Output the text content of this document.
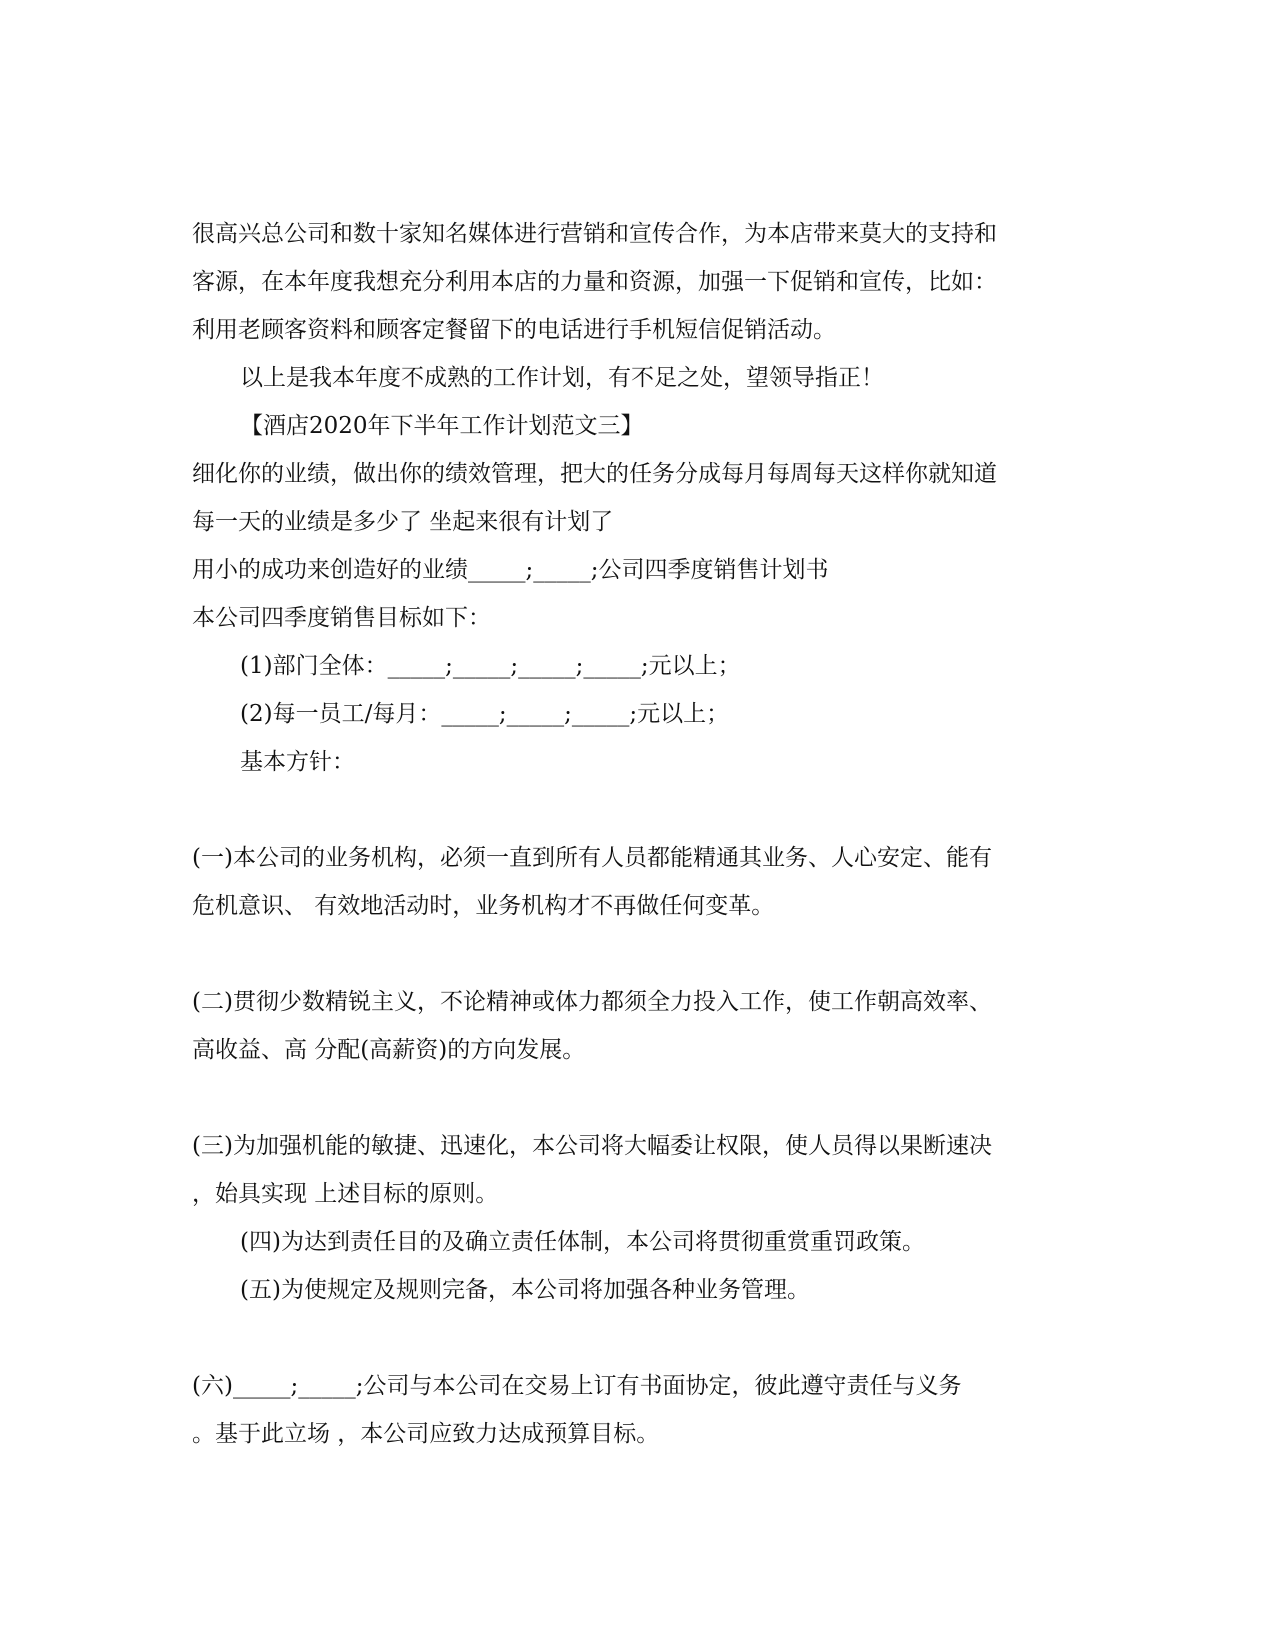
很高兴总公司和数十家知名媒体进行营销和宣传合作，为本店带来莫大的支持和
客源，在本年度我想充分利用本店的力量和资源，加强一下促销和宣传，比如：
利用老顾客资料和顾客定餐留下的电话进行手机短信促销活动。
以上是我本年度不成熟的工作计划，有不足之处，望领导指正！
【酒店2020年下半年工作计划范文三】
细化你的业绩，做出你的绩效管理，把大的任务分成每月每周每天这样你就知道
每一天的业绩是多少了 坐起来很有计划了
用小的成功来创造好的业绩_____;_____;公司四季度销售计划书
本公司四季度销售目标如下：
(1)部门全体：_____;_____;_____;_____;元以上；
(2)每一员工/每月：_____;_____;_____;元以上；
基本方针：
(一)本公司的业务机构，必须一直到所有人员都能精通其业务、人心安定、能有
危机意识、 有效地活动时，业务机构才不再做任何变革。
(二)贯彻少数精锐主义，不论精神或体力都须全力投入工作，使工作朝高效率、
高收益、高 分配(高薪资)的方向发展。
(三)为加强机能的敏捷、迅速化，本公司将大幅委让权限，使人员得以果断速决
，始具实现 上述目标的原则。
(四)为达到责任目的及确立责任体制，本公司将贯彻重赏重罚政策。
(五)为使规定及规则完备，本公司将加强各种业务管理。
(六)_____;_____;公司与本公司在交易上订有书面协定，彼此遵守责任与义务
。基于此立场 ，本公司应致力达成预算目标。
